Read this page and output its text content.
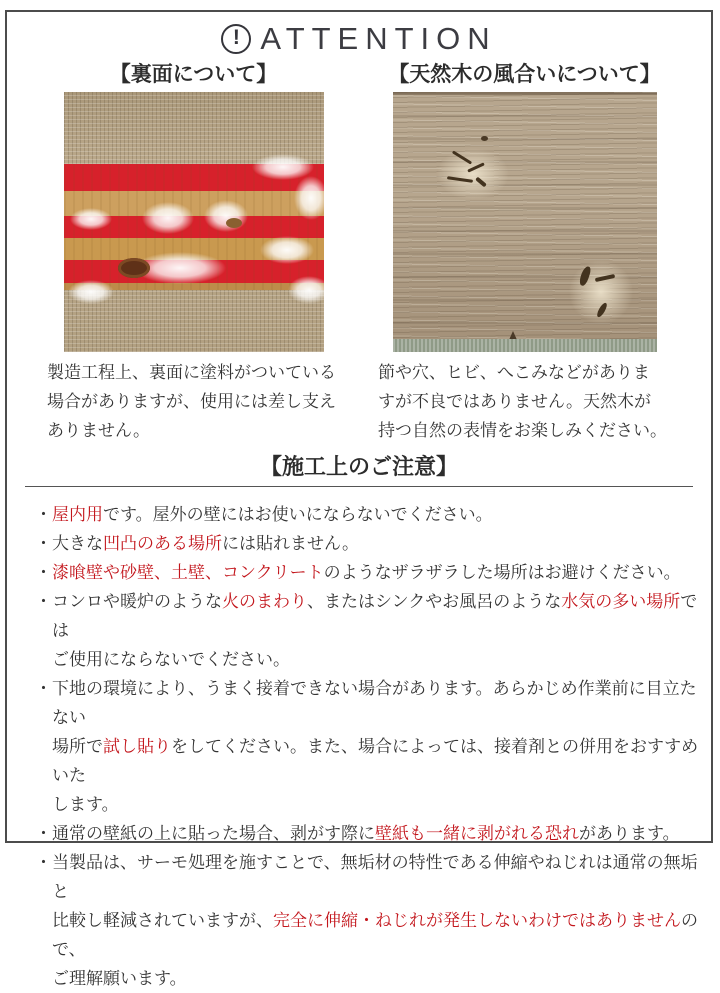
! ATTENTION
【裏面について】

製造工程上、裏面に塗料がついている
場合がありますが、使用には差し支え
ありません。

【天然木の風合いについて】

節や穴、ヒビ、へこみなどがありま
すが不良ではありません。天然木が
持つ自然の表情をお楽しみください。

【施工上のご注意】
・屋内用です。屋外の壁にはお使いにならないでください。
・大きな凹凸のある場所には貼れません。
・漆喰壁や砂壁、土壁、コンクリートのようなザラザラした場所はお避けください。
・コンロや暖炉のような火のまわり、またはシンクやお風呂のような水気の多い場所では
ご使用にならないでください。
・下地の環境により、うまく接着できない場合があります。あらかじめ作業前に目立たない
場所で試し貼りをしてください。また、場合によっては、接着剤との併用をおすすめいた
します。
・通常の壁紙の上に貼った場合、剥がす際に壁紙も一緒に剥がれる恐れがあります。
・当製品は、サーモ処理を施すことで、無垢材の特性である伸縮やねじれは通常の無垢と
比較し軽減されていますが、完全に伸縮・ねじれが発生しないわけではありませんので、
ご理解願います。
